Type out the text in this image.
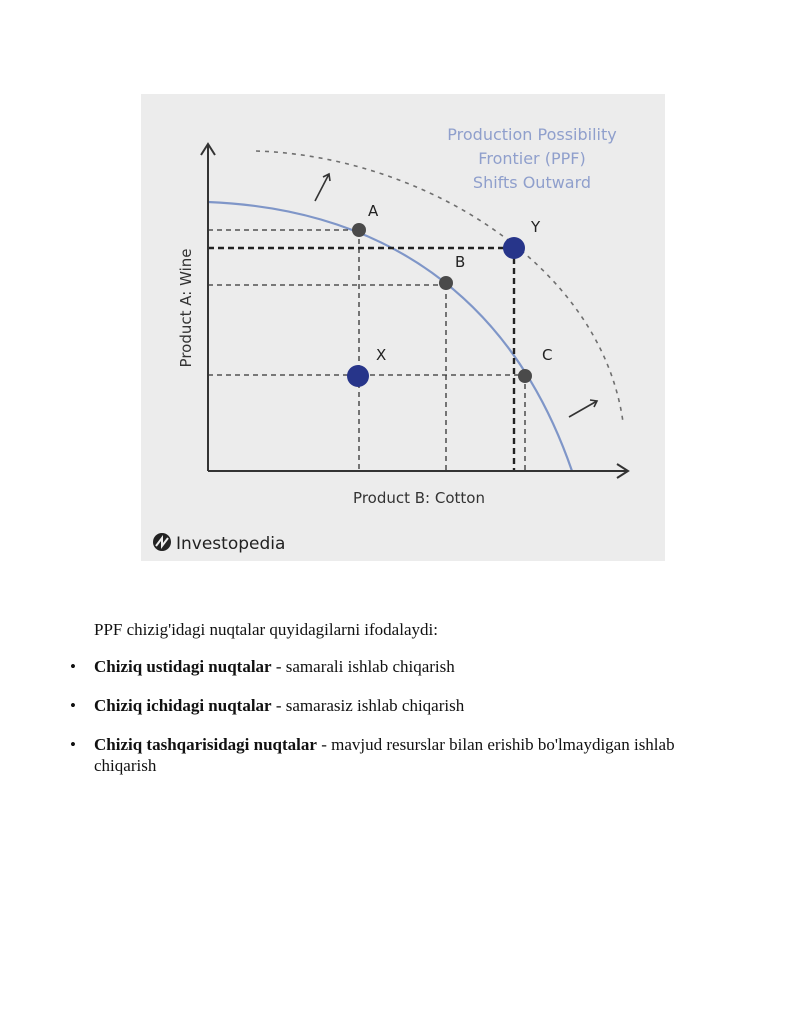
A
B
C
X
Y
Production Possibility
Frontier (PPF)
Shifts Outward
Product A: Wine
Product B: Cotton
Investopedia

PPF chizig'idagi nuqtalar quyidagilarni ifodalaydi:

• Chiziq ustidagi nuqtalar - samarali ishlab chiqarish
• Chiziq ichidagi nuqtalar - samarasiz ishlab chiqarish
• Chiziq tashqarisidagi nuqtalar - mavjud resurslar bilan erishib bo'lmaydigan ishlab chiqarish
